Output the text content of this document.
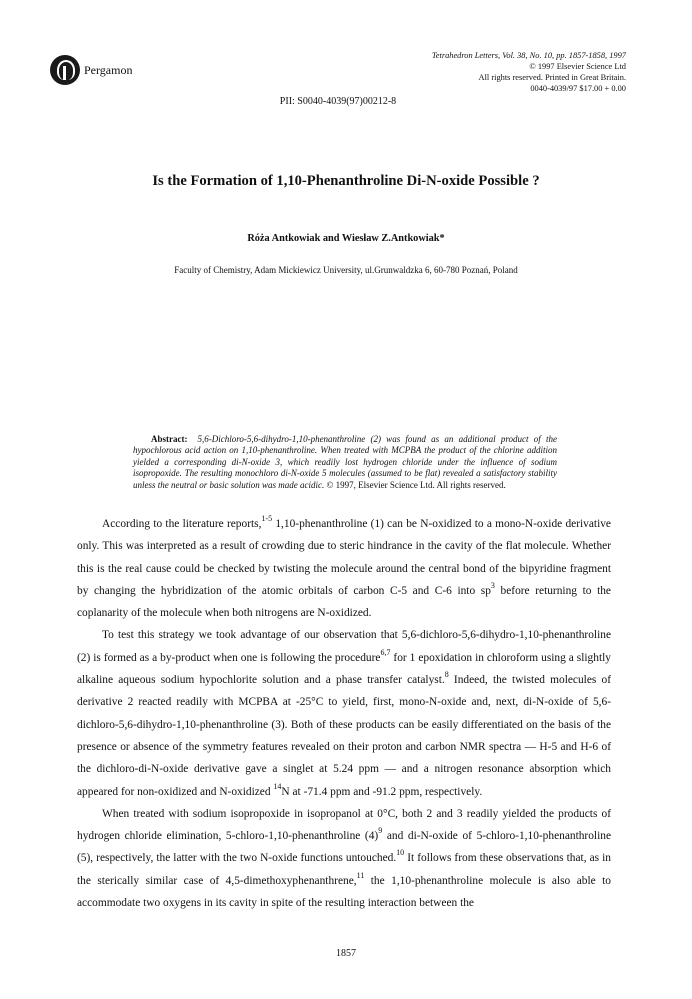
Pergamon
Tetrahedron Letters, Vol. 38, No. 10, pp. 1857-1858, 1997
© 1997 Elsevier Science Ltd
All rights reserved. Printed in Great Britain.
0040-4039/97 $17.00 + 0.00
PII: S0040-4039(97)00212-8
Is the Formation of 1,10-Phenanthroline Di-N-oxide Possible ?
Róża Antkowiak and Wiesław Z.Antkowiak*
Faculty of Chemistry, Adam Mickiewicz University, ul.Grunwaldzka 6, 60-780 Poznań, Poland
Abstract: 5,6-Dichloro-5,6-dihydro-1,10-phenanthroline (2) was found as an additional product of the hypochlorous acid action on 1,10-phenanthroline. When treated with MCPBA the product of the chlorine addition yielded a corresponding di-N-oxide 3, which readily lost hydrogen chloride under the influence of sodium isopropoxide. The resulting monochloro di-N-oxide 5 molecules (assumed to be flat) revealed a satisfactory stability unless the neutral or basic solution was made acidic. © 1997, Elsevier Science Ltd. All rights reserved.

According to the literature reports,$^{1-5}$ 1,10-phenanthroline (1) can be N-oxidized to a mono-N-oxide derivative only. This was interpreted as a result of crowding due to steric hindrance in the cavity of the flat molecule. Whether this is the real cause could be checked by twisting the molecule around the central bond of the bipyridine fragment by changing the hybridization of the atomic orbitals of carbon C-5 and C-6 into $sp^3$ before returning to the coplanarity of the molecule when both nitrogens are N-oxidized.

To test this strategy we took advantage of our observation that 5,6-dichloro-5,6-dihydro-1,10-phenanthroline (2) is formed as a by-product when one is following the procedure$^{6,7}$ for 1 epoxidation in chloroform using a slightly alkaline aqueous sodium hypochlorite solution and a phase transfer catalyst.$^8$ Indeed, the twisted molecules of derivative 2 reacted readily with MCPBA at -25°C to yield, first, mono-N-oxide and, next, di-N-oxide of 5,6-dichloro-5,6-dihydro-1,10-phenanthroline (3). Both of these products can be easily differentiated on the basis of the presence or absence of the symmetry features revealed on their proton and carbon NMR spectra — H-5 and H-6 of the dichloro-di-N-oxide derivative gave a singlet at 5.24 ppm — and a nitrogen resonance absorption which appeared for non-oxidized and N-oxidized $^{14}$N at -71.4 ppm and -91.2 ppm, respectively.

When treated with sodium isopropoxide in isopropanol at 0°C, both 2 and 3 readily yielded the products of hydrogen chloride elimination, 5-chloro-1,10-phenanthroline $(4)^9$ and di-N-oxide of 5-chloro-1,10-phenanthroline (5), respectively, the latter with the two N-oxide functions untouched.$^{10}$ It follows from these observations that, as in the sterically similar case of 4,5-dimethoxyphenanthrene,$^{11}$ the 1,10-phenanthroline molecule is also able to accommodate two oxygens in its cavity in spite of the resulting interaction between the

1857
